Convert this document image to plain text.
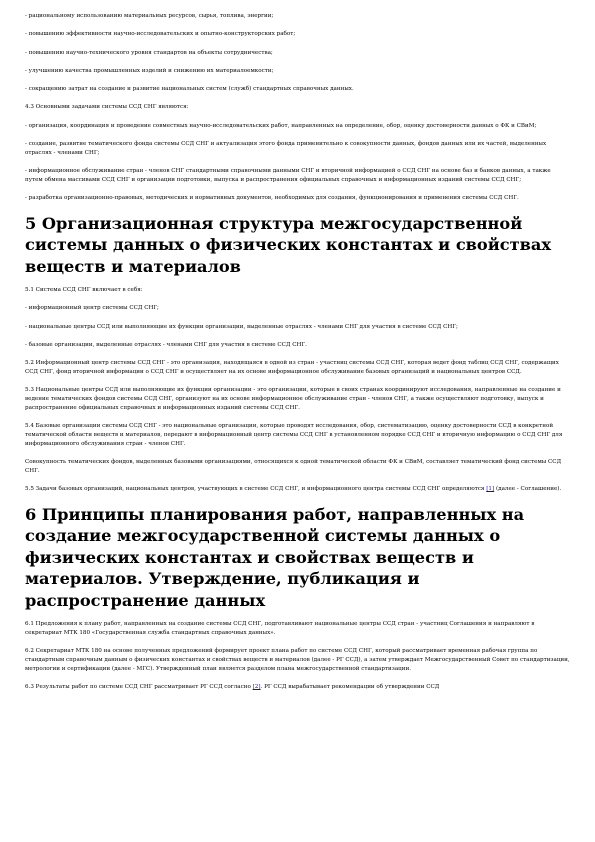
- рациональному использованию материальных ресурсов, сырья, топлива, энергии;

- повышению эффективности научно-исследовательских и опытно-конструкторских работ;

- повышению научно-технического уровня стандартов на объекты сотрудничества;

- улучшению качества промышленных изделий и снижению их материалоемкости;

- сокращению затрат на создание и развитие национальных систем (служб) стандартных справочных данных.

4.3 Основными задачами системы ССД СНГ являются:

- организация, координация и проведение совместных научно-исследовательских работ, направленных на определение, обор, оценку достоверности данных о ФК и СВиМ;

- создание, развитие тематического фонда системы ССД СНГ и актуализация этого фонда применительно к совокупности данных, фондов данных или их частей, выделенных отраслях - членами СНГ;

- информационное обслуживание стран - членов СНГ стандартными справочными данными СНГ и вторичной информацией о ССД СНГ на основе баз и банков данных, а также путем обмена массивами ССД СНГ и организации подготовки, выпуска и распространения официальных справочных и информационных изданий системы ССД СНГ;

- разработка организационно-правовых, методических и нормативных документов, необходимых для создания, функционирования и применения системы ССД СНГ.

5 Организационная структура межгосударственной системы данных о физических константах и свойствах веществ и материалов

5.1 Система ССД СНГ включает в себя:

- информационный центр системы ССД СНГ;

- национальные центры ССД или выполняющие их функции организации, выделенные отраслях - членами СНГ для участия в системе ССД СНГ;

- базовые организации, выделенные отраслях - членами СНГ для участия в системе ССД СНГ.

5.2 Информационный центр системы ССД СНГ - это организация, находящаяся в одной из стран - участниц системы ССД СНГ, которая ведет фонд таблиц ССД СНГ, содержащих ССД СНГ, фонд вторичной информации о ССД СНГ и осуществляет на их основе информационное обслуживание базовых организаций и национальных центров ССД.

5.3 Национальные центры ССД или выполняющие их функции организации - это организации, которые в своих странах координируют исследования, направленные на создание и ведение тематических фондов системы ССД СНГ, организуют на их основе информационное обслуживание стран - членов СНГ, а также осуществляют подготовку, выпуск и распространение официальных справочных и информационных изданий системы ССД СНГ.

5.4 Базовые организации системы ССД СНГ - это национальные организации, которые проводят исследования, обор, систематизацию, оценку достоверности ССД в конкретной тематической области веществ и материалов, передают в информационный центр системы ССД СНГ в установленном порядке ССД СНГ и вторичную информацию о ССД СНГ для информационного обслуживания стран - членов СНГ.

Совокупность тематических фондов, выделенных базовыми организациями, относящихся к одной тематической области ФК и СВиМ, составляет тематический фонд системы ССД СНГ.

5.5 Задачи базовых организаций, национальных центров, участвующих в системе ССД СНГ, и информационного центра системы ССД СНГ определяются [1] (далее - Соглашение).

6 Принципы планирования работ, направленных на создание межгосударственной системы данных о физических константах и свойствах веществ и материалов. Утверждение, публикация и распространение данных

6.1 Предложения к плану работ, направленных на создание системы ССД СНГ, подготавливают национальные центры ССД стран - участниц Соглашения и направляют в секретариат МТК 180 «Государственная служба стандартных справочных данных».

6.2 Секретариат МТК 180 на основе полученных предложений формирует проект плана работ по системе ССД СНГ, который рассматривает временная рабочая группа по стандартным справочным данным о физических константах и свойствах веществ и материалов (далее - РГ ССД), а затем утверждает Межгосударственный Совет по стандартизации, метрологии и сертификации (далее - МГС). Утвержденный план является разделом плана межгосударственной стандартизации.

6.3 Результаты работ по системе ССД СНГ рассматривает РГ ССД согласно [2]. РГ ССД вырабатывает рекомендации об утверждении ССД
